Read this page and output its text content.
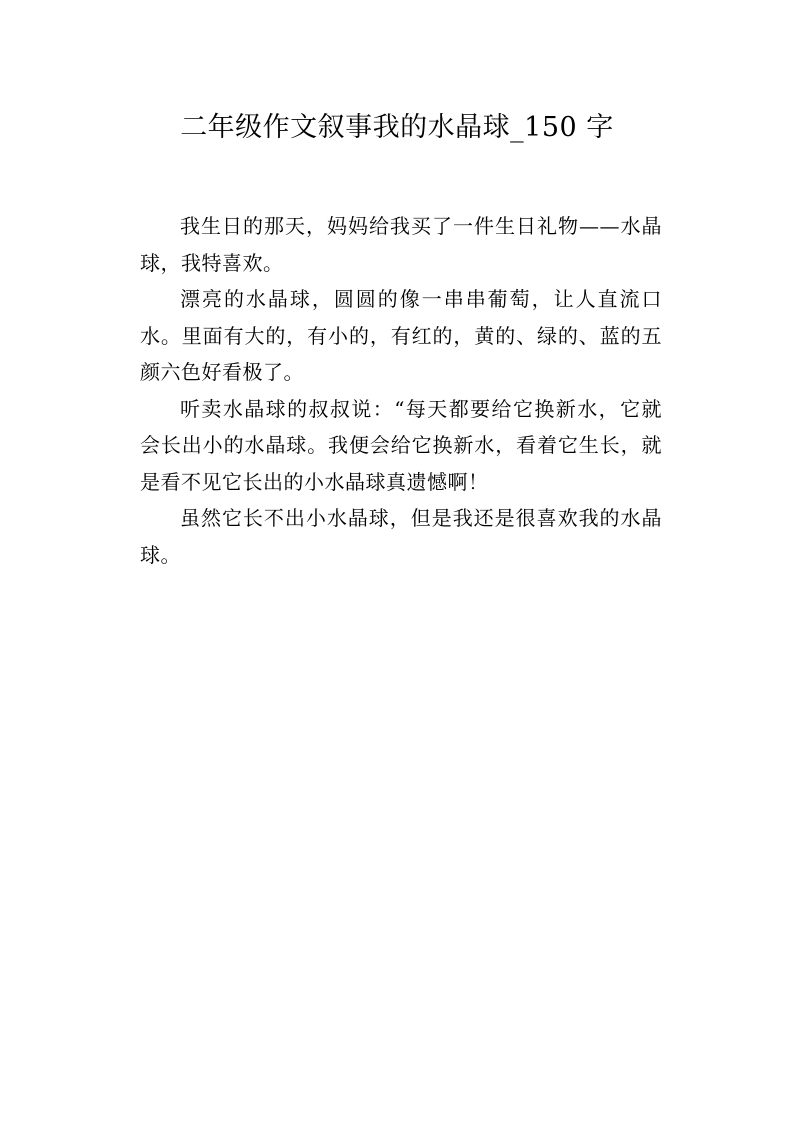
二年级作文叙事我的水晶球_150 字

我生日的那天，妈妈给我买了一件生日礼物——水晶球，我特喜欢。

漂亮的水晶球，圆圆的像一串串葡萄，让人直流口水。里面有大的，有小的，有红的，黄的、绿的、蓝的五颜六色好看极了。

听卖水晶球的叔叔说：“每天都要给它换新水，它就会长出小的水晶球。我便会给它换新水，看着它生长，就是看不见它长出的小水晶球真遗憾啊！

虽然它长不出小水晶球，但是我还是很喜欢我的水晶球。
